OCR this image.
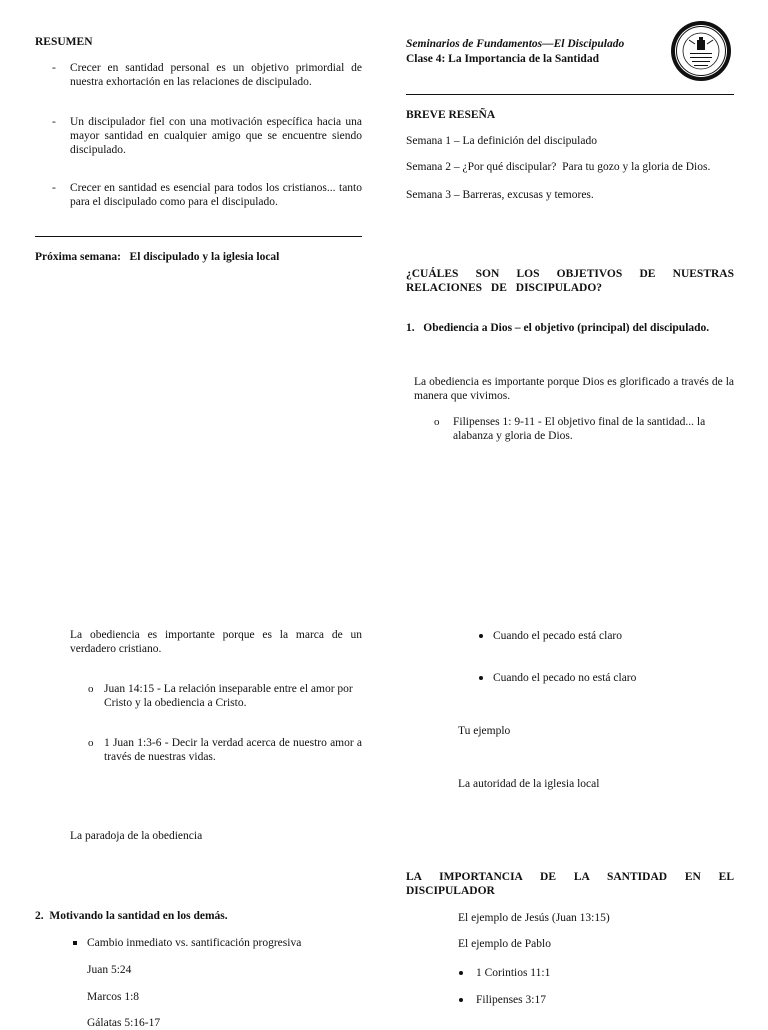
RESUMEN
- Crecer en santidad personal es un objetivo primordial de nuestra exhortación en las relaciones de discipulado.
- Un discipulador fiel con una motivación específica hacia una mayor santidad en cualquier amigo que se encuentre siendo discipulado.
- Crecer en santidad es esencial para todos los cristianos... tanto para el discipulado como para el discipulado.
Próxima semana:   El discipulado y la iglesia local
La obediencia es importante porque es la marca de un verdadero cristiano.
o Juan 14:15 - La relación inseparable entre el amor por Cristo y la obediencia a Cristo.
o 1 Juan 1:3-6 - Decir la verdad acerca de nuestro amor a través de nuestras vidas.
La paradoja de la obediencia
2.  Motivando la santidad en los demás.
Cambio inmediato vs. santificación progresiva
Juan 5:24
Marcos 1:8
Gálatas 5:16-17
Seminarios de Fundamentos—El Discipulado
Clase 4: La Importancia de la Santidad
BREVE RESEÑA
Semana 1 – La definición del discipulado
Semana 2 – ¿Por qué discipular?  Para tu gozo y la gloria de Dios.
Semana 3 – Barreras, excusas y temores.
¿CUÁLES SON LOS OBJETIVOS DE NUESTRAS RELACIONES DE DISCIPULADO?
1.   Obediencia a Dios – el objetivo (principal) del discipulado.
La obediencia es importante porque Dios es glorificado a través de la manera que vivimos.
o Filipenses 1: 9-11 - El objetivo final de la santidad... la alabanza y gloria de Dios.
Cuando el pecado está claro
Cuando el pecado no está claro
Tu ejemplo
La autoridad de la iglesia local
LA IMPORTANCIA DE LA SANTIDAD EN EL DISCIPULADOR
El ejemplo de Jesús (Juan 13:15)
El ejemplo de Pablo
1 Corintios 11:1
Filipenses 3:17
